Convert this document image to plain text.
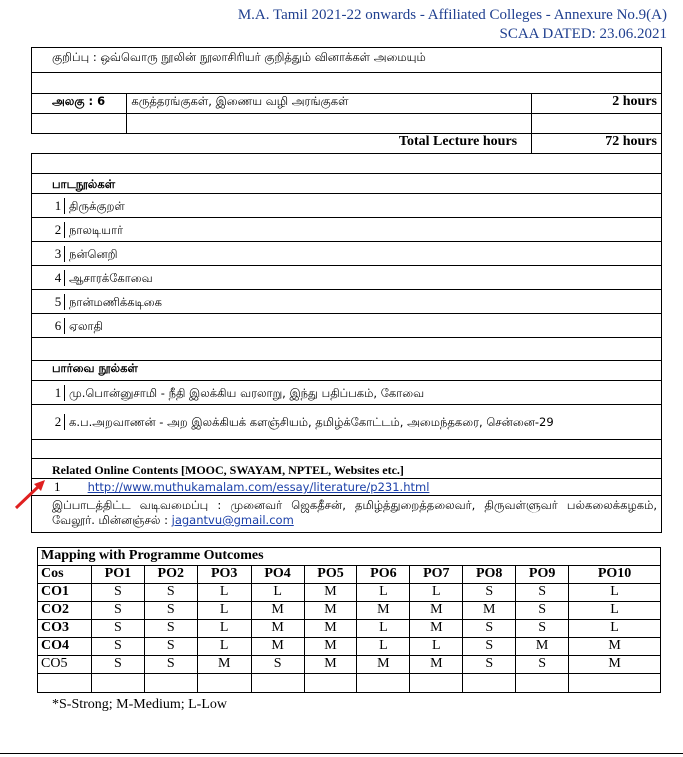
M.A. Tamil 2021-22 onwards - Affiliated Colleges - Annexure No.9(A)
SCAA DATED: 23.06.2021
குறிப்பு : ஒவ்வொரு நூலின் நூலாசிரியர் குறித்தும் வினாக்கள் அமையும்		

அலகு : 6	கருத்தரங்குகள், இணைய வழி அரங்குகள்	2 hours

Total Lecture hours		72 hours

பாடநூல்கள்		

1 திருக்குறள்		

2 நாலடியார்		

3 நன்னெறி		

4 ஆசாரக்கோவை		

5 நான்மணிக்கடிகை		

6 ஏலாதி		

பார்வை நூல்கள்		

1 மு.பொன்னுசாமி - நீதி இலக்கிய வரலாறு, இந்து பதிப்பகம், கோவை		

2 க.ப.அறவாணன் - அற இலக்கியக் களஞ்சியம், தமிழ்க்கோட்டம், அமைந்தகரை, சென்னை-29		

Related Online Contents [MOOC, SWAYAM, NPTEL, Websites etc.]		
1 http://www.muthukamalam.com/essay/literature/p231.html		
இப்பாடத்திட்ட வடிவமைப்பு : முனைவர் ஜெகதீசன், தமிழ்த்துறைத்தலைவர், திருவள்ளுவர் பல்கலைக்கழகம், வேலூர். மின்னஞ்சல் : jagantvu@gmail.com		
Mapping with Programme Outcomes										
Cos	PO1	PO2	PO3	PO4	PO5	PO6	PO7	PO8	PO9	PO10
CO1	S	S	L	L	M	L	L	S	S	L
CO2	S	S	L	M	M	M	M	M	S	L
CO3	S	S	L	M	M	L	M	S	S	L
CO4	S	S	L	M	M	L	L	S	M	M
CO5	S	S	M	S	M	M	M	S	S	M

*S-Strong; M-Medium; L-Low
